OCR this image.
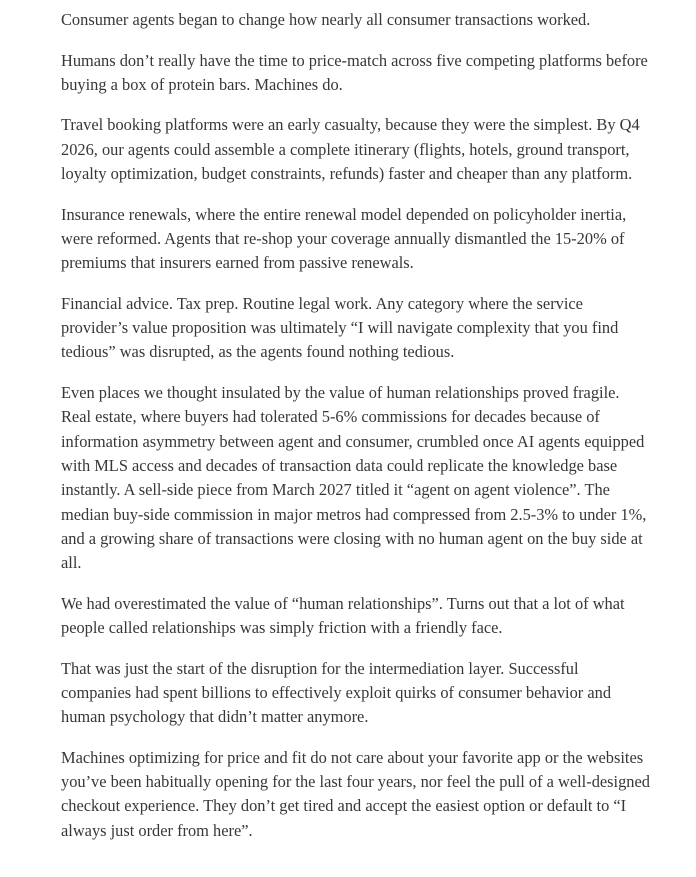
Consumer agents began to change how nearly all consumer transactions worked.

Humans don’t really have the time to price-match across five competing platforms before buying a box of protein bars. Machines do.

Travel booking platforms were an early casualty, because they were the simplest. By Q4 2026, our agents could assemble a complete itinerary (flights, hotels, ground transport, loyalty optimization, budget constraints, refunds) faster and cheaper than any platform.

Insurance renewals, where the entire renewal model depended on policyholder inertia, were reformed. Agents that re-shop your coverage annually dismantled the 15-20% of premiums that insurers earned from passive renewals.

Financial advice. Tax prep. Routine legal work. Any category where the service provider’s value proposition was ultimately “I will navigate complexity that you find tedious” was disrupted, as the agents found nothing tedious.

Even places we thought insulated by the value of human relationships proved fragile. Real estate, where buyers had tolerated 5-6% commissions for decades because of information asymmetry between agent and consumer, crumbled once AI agents equipped with MLS access and decades of transaction data could replicate the knowledge base instantly. A sell-side piece from March 2027 titled it “agent on agent violence”. The median buy-side commission in major metros had compressed from 2.5-3% to under 1%, and a growing share of transactions were closing with no human agent on the buy side at all.

We had overestimated the value of “human relationships”. Turns out that a lot of what people called relationships was simply friction with a friendly face.

That was just the start of the disruption for the intermediation layer. Successful companies had spent billions to effectively exploit quirks of consumer behavior and human psychology that didn’t matter anymore.

Machines optimizing for price and fit do not care about your favorite app or the websites you’ve been habitually opening for the last four years, nor feel the pull of a well-designed checkout experience. They don’t get tired and accept the easiest option or default to “I always just order from here”.
